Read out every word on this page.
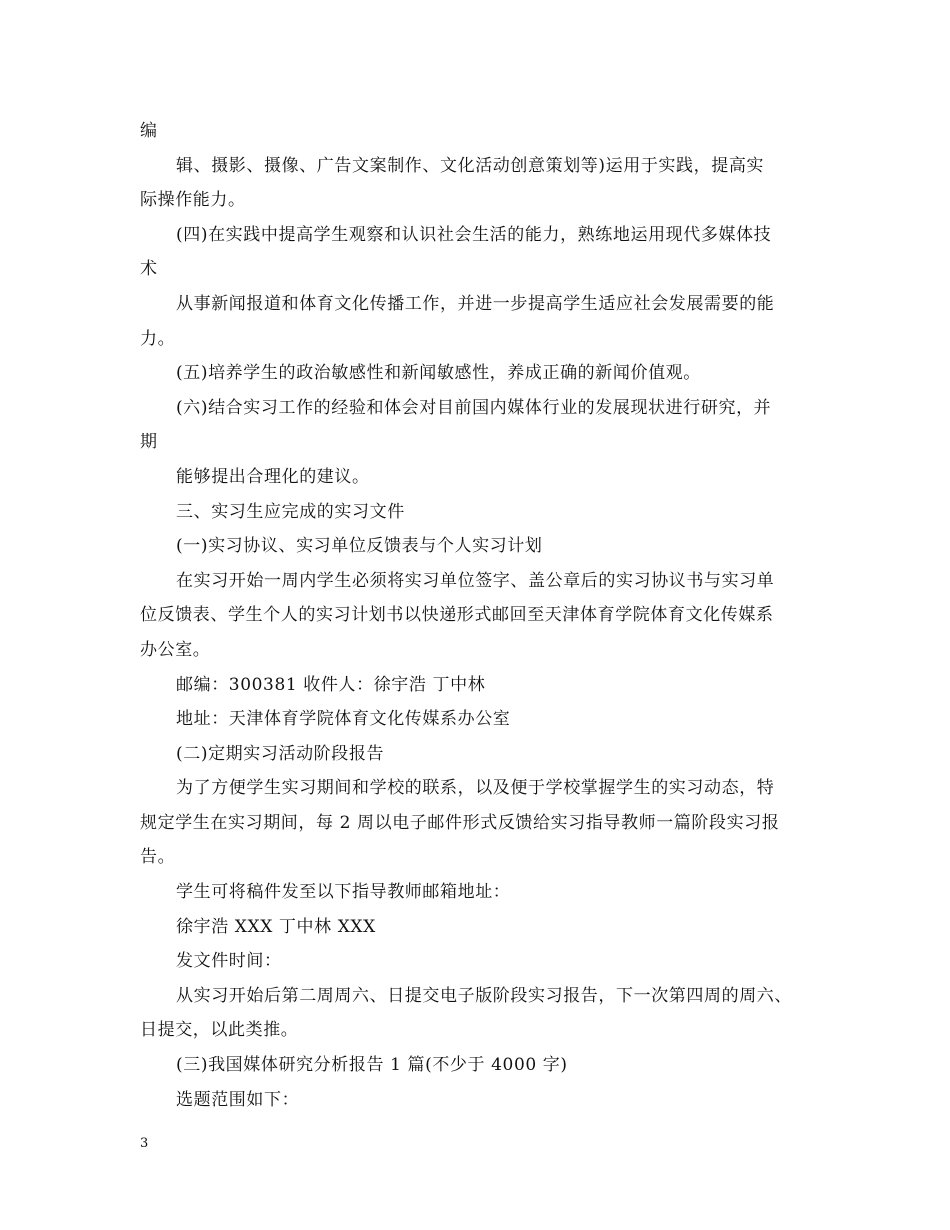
编
辑、摄影、摄像、广告文案制作、文化活动创意策划等)运用于实践，提高实
际操作能力。
(四)在实践中提高学生观察和认识社会生活的能力，熟练地运用现代多媒体技
术
从事新闻报道和体育文化传播工作，并进一步提高学生适应社会发展需要的能
力。
(五)培养学生的政治敏感性和新闻敏感性，养成正确的新闻价值观。
(六)结合实习工作的经验和体会对目前国内媒体行业的发展现状进行研究，并
期
能够提出合理化的建议。
三、实习生应完成的实习文件
(一)实习协议、实习单位反馈表与个人实习计划
在实习开始一周内学生必须将实习单位签字、盖公章后的实习协议书与实习单
位反馈表、学生个人的实习计划书以快递形式邮回至天津体育学院体育文化传媒系
办公室。
邮编：300381 收件人：徐宇浩 丁中林
地址：天津体育学院体育文化传媒系办公室
(二)定期实习活动阶段报告
为了方便学生实习期间和学校的联系，以及便于学校掌握学生的实习动态，特
规定学生在实习期间，每 2 周以电子邮件形式反馈给实习指导教师一篇阶段实习报
告。
学生可将稿件发至以下指导教师邮箱地址：
徐宇浩 XXX 丁中林 XXX
发文件时间：
从实习开始后第二周周六、日提交电子版阶段实习报告，下一次第四周的周六、
日提交，以此类推。
(三)我国媒体研究分析报告 1 篇(不少于 4000 字)
选题范围如下：
3
